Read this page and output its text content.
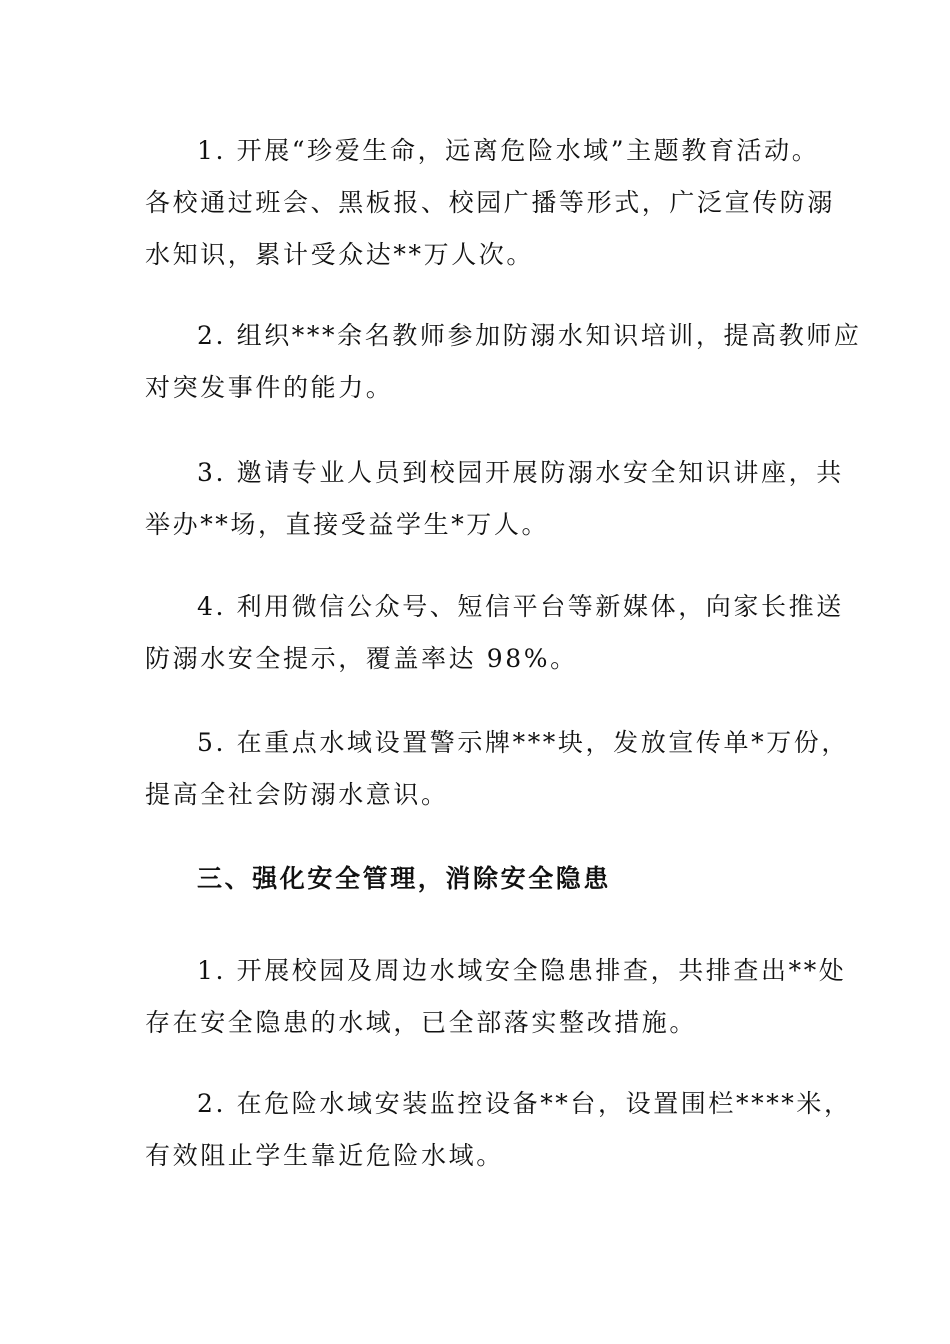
1. 开展“珍爱生命，远离危险水域”主题教育活动。
各校通过班会、黑板报、校园广播等形式，广泛宣传防溺
水知识，累计受众达**万人次。

2. 组织***余名教师参加防溺水知识培训，提高教师应
对突发事件的能力。

3. 邀请专业人员到校园开展防溺水安全知识讲座，共
举办**场，直接受益学生*万人。

4. 利用微信公众号、短信平台等新媒体，向家长推送
防溺水安全提示，覆盖率达 98%。

5. 在重点水域设置警示牌***块，发放宣传单*万份，
提高全社会防溺水意识。

三、强化安全管理，消除安全隐患

1. 开展校园及周边水域安全隐患排查，共排查出**处
存在安全隐患的水域，已全部落实整改措施。

2. 在危险水域安装监控设备**台，设置围栏****米，
有效阻止学生靠近危险水域。
